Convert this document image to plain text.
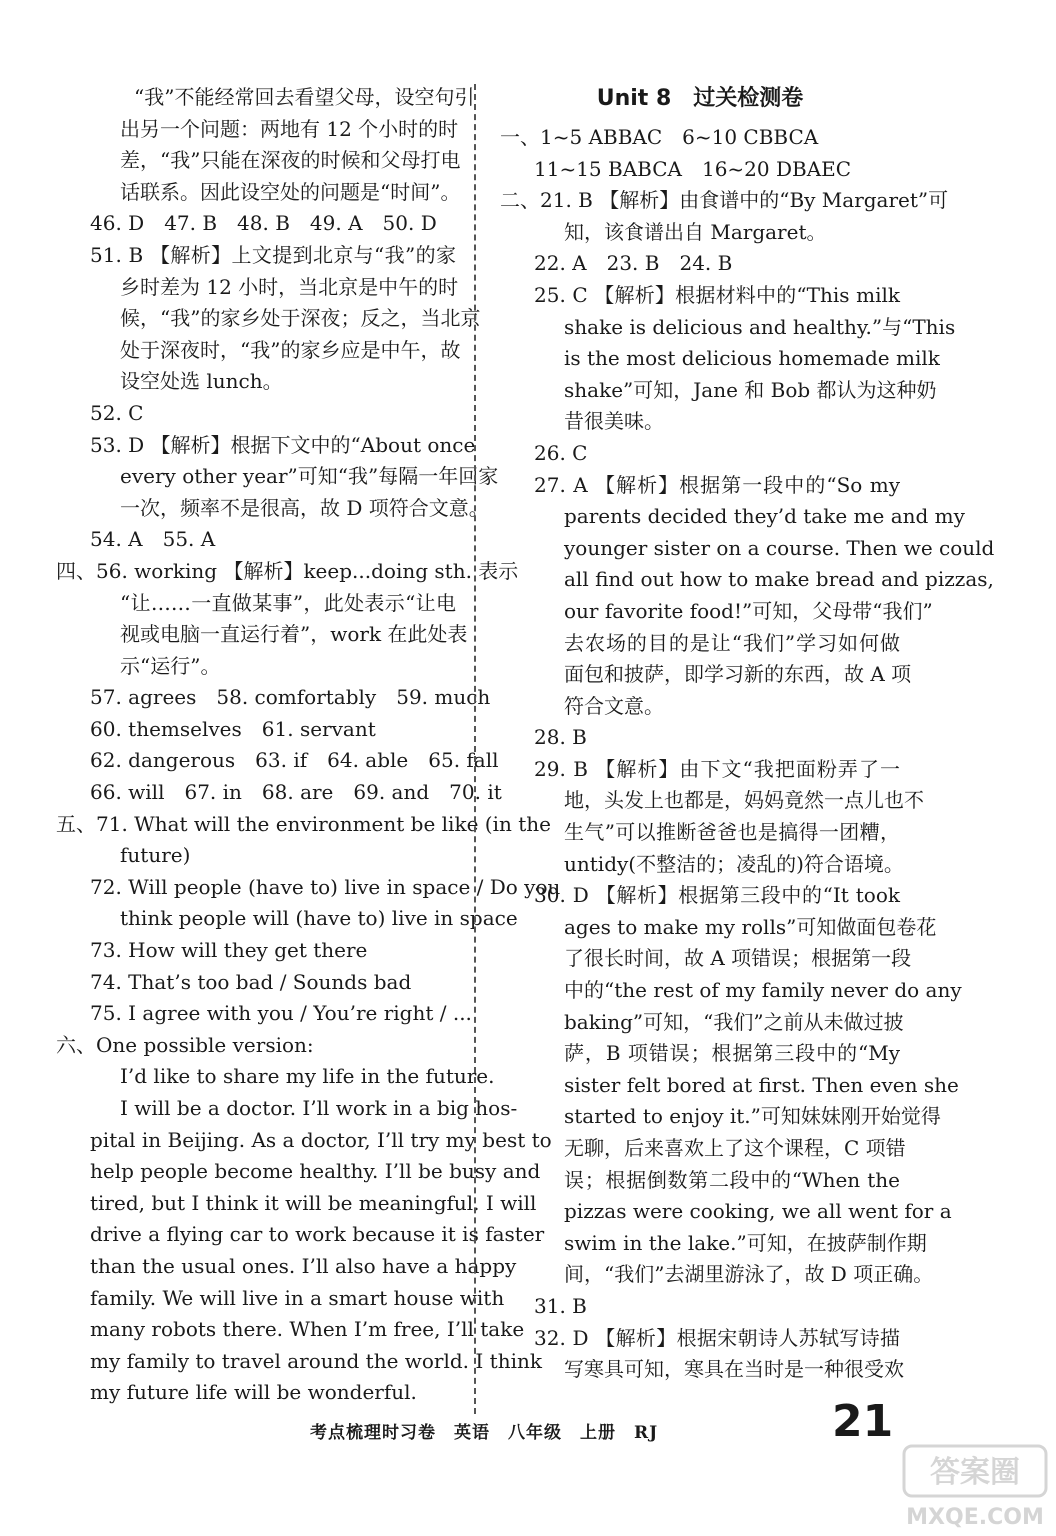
“我”不能经常回去看望父母，设空句引
出另一个问题：两地有 12 个小时的时
差，“我”只能在深夜的时候和父母打电
话联系。因此设空处的问题是“时间”。
46. D　47. B　48. B　49. A　50. D
51. B 【解析】上文提到北京与“我”的家
乡时差为 12 小时，当北京是中午的时
候，“我”的家乡处于深夜；反之，当北京
处于深夜时，“我”的家乡应是中午，故
设空处选 lunch。
52. C
53. D 【解析】根据下文中的“About once
every other year”可知“我”每隔一年回家
一次，频率不是很高，故 D 项符合文意。
54. A　55. A
四、56. working 【解析】keep...doing sth. 表示
“让……一直做某事”，此处表示“让电
视或电脑一直运行着”，work 在此处表
示“运行”。
57. agrees　58. comfortably　59. much
60. themselves　61. servant
62. dangerous　63. if　64. able　65. fall
66. will　67. in　68. are　69. and　70. it
五、71. What will the environment be like (in the
future)
72. Will people (have to) live in space / Do you
think people will (have to) live in space
73. How will they get there
74. That’s too bad / Sounds bad
75. I agree with you / You’re right / ...
六、One possible version:
I’d like to share my life in the future.
I will be a doctor. I’ll work in a big hos-
pital in Beijing. As a doctor, I’ll try my best to
help people become healthy. I’ll be busy and
tired, but I think it will be meaningful. I will
drive a flying car to work because it is faster
than the usual ones. I’ll also have a happy
family. We will live in a smart house with
many robots there. When I’m free, I’ll take
my family to travel around the world. I think
my future life will be wonderful.
Unit 8　过关检测卷
一、1~5 ABBAC　6~10 CBBCA
11~15 BABCA　16~20 DBAEC
二、21. B 【解析】由食谱中的“By Margaret”可
知，该食谱出自 Margaret。
22. A　23. B　24. B
25. C 【解析】根据材料中的“This milk
shake is delicious and healthy.”与“This
is the most delicious homemade milk
shake”可知，Jane 和 Bob 都认为这种奶
昔很美味。
26. C
27. A 【解析】根据第一段中的“So my
parents decided they’d take me and my
younger sister on a course. Then we could
all find out how to make bread and pizzas,
our favorite food!”可知，父母带“我们”
去农场的目的是让“我们”学习如何做
面包和披萨，即学习新的东西，故 A 项
符合文意。
28. B
29. B 【解析】由下文“我把面粉弄了一
地，头发上也都是，妈妈竟然一点儿也不
生气”可以推断爸爸也是搞得一团糟，
untidy(不整洁的；凌乱的)符合语境。
30. D 【解析】根据第三段中的“It took
ages to make my rolls”可知做面包卷花
了很长时间，故 A 项错误；根据第一段
中的“the rest of my family never do any
baking”可知，“我们”之前从未做过披
萨，B 项错误；根据第三段中的“My
sister felt bored at first. Then even she
started to enjoy it.”可知妹妹刚开始觉得
无聊，后来喜欢上了这个课程，C 项错
误；根据倒数第二段中的“When the
pizzas were cooking, we all went for a
swim in the lake.”可知，在披萨制作期
间，“我们”去湖里游泳了，故 D 项正确。
31. B
32. D 【解析】根据宋朝诗人苏轼写诗描
写寒具可知，寒具在当时是一种很受欢
考点梳理时习卷　英语　八年级　上册　RJ	21
答案圈
MXQE.COM
